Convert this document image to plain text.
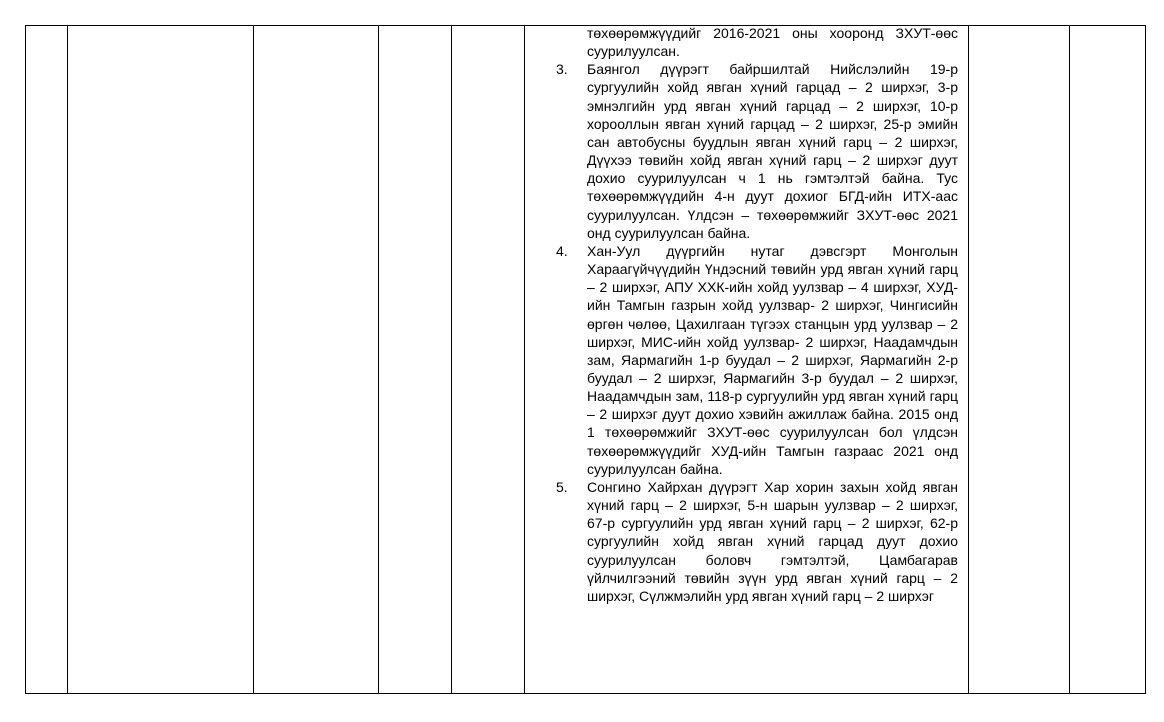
төхөөрөмжүүдийг 2016-2021 оны хооронд ЗХУТ-өөс суурилуулсан.
3. Баянгол дүүрэгт байршилтай Нийслэлийн 19-р сургуулийн хойд явган хүний гарцад – 2 ширхэг, 3-р эмнэлгийн урд явган хүний гарцад – 2 ширхэг, 10-р хорооллын явган хүний гарцад – 2 ширхэг, 25-р эмийн сан автобусны буудлын явган хүний гарц – 2 ширхэг, Дүүхээ төвийн хойд явган хүний гарц – 2 ширхэг дуут дохио суурилуулсан ч 1 нь гэмтэлтэй байна. Тус төхөөрөмжүүдийн 4-н дуут дохиог БГД-ийн ИТХ-аас суурилуулсан. Үлдсэн – төхөөрөмжийг ЗХУТ-өөс 2021 онд суурилуулсан байна.
4. Хан-Уул дүүргийн нутаг дэвсгэрт Монголын Хараагүйчүүдийн Үндэсний төвийн урд явган хүний гарц – 2 ширхэг, АПУ ХХК-ийн хойд уулзвар – 4 ширхэг, ХУД-ийн Тамгын газрын хойд уулзвар- 2 ширхэг, Чингисийн өргөн чөлөө, Цахилгаан түгээх станцын урд уулзвар – 2 ширхэг, МИС-ийн хойд уулзвар- 2 ширхэг, Наадамчдын зам, Яармагийн 1-р буудал – 2 ширхэг, Яармагийн 2-р буудал – 2 ширхэг, Яармагийн 3-р буудал – 2 ширхэг, Наадамчдын зам, 118-р сургуулийн урд явган хүний гарц – 2 ширхэг дуут дохио хэвийн ажиллаж байна. 2015 онд 1 төхөөрөмжийг ЗХУТ-өөс суурилуулсан бол үлдсэн төхөөрөмжүүдийг ХУД-ийн Тамгын газраас 2021 онд суурилуулсан байна.
5. Сонгино Хайрхан дүүрэгт Хар хорин захын хойд явган хүний гарц – 2 ширхэг, 5-н шарын уулзвар – 2 ширхэг, 67-р сургуулийн урд явган хүний гарц – 2 ширхэг, 62-р сургуулийн хойд явган хүний гарцад дуут дохио суурилуулсан боловч гэмтэлтэй, Цамбагарав үйлчилгээний төвийн зүүн урд явган хүний гарц – 2 ширхэг, Сүлжмэлийн урд явган хүний гарц – 2 ширхэг
